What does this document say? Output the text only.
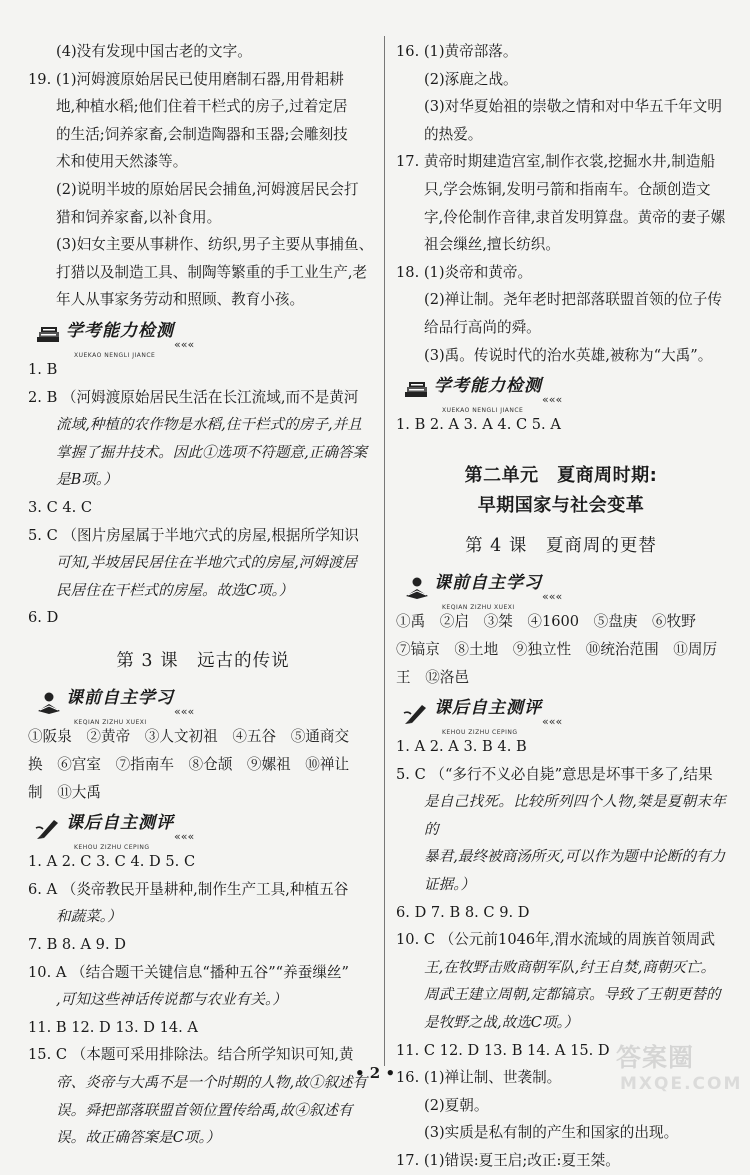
(4)没有发现中国古老的文字。
19. (1)河姆渡原始居民已使用磨制石器,用骨耜耕
地,种植水稻;他们住着干栏式的房子,过着定居
的生活;饲养家畜,会制造陶器和玉器;会雕刻技
术和使用天然漆等。
(2)说明半坡的原始居民会捕鱼,河姆渡居民会打
猎和饲养家畜,以补食用。
(3)妇女主要从事耕作、纺织,男子主要从事捕鱼、
打猎以及制造工具、制陶等繁重的手工业生产,老
年人从事家务劳动和照顾、教育小孩。
学考能力检测
XUEKAO NENGLI JIANCE
«««
1. B
2. B （河姆渡原始居民生活在长江流域,而不是黄河
流域,种植的农作物是水稻,住干栏式的房子,并且
掌握了掘井技术。因此①选项不符题意,正确答案
是B项。）
3. C 4. C
5. C （图片房屋属于半地穴式的房屋,根据所学知识
可知,半坡居民居住在半地穴式的房屋,河姆渡居
民居住在干栏式的房屋。故选C项。）
6. D
第 3 课　远古的传说
课前自主学习
KEQIAN ZIZHU XUEXI
«««
①阪泉　②黄帝　③人文初祖　④五谷　⑤通商交
换　⑥宫室　⑦指南车　⑧仓颉　⑨嫘祖　⑩禅让
制　⑪大禹
课后自主测评
KEHOU ZIZHU CEPING
«««
1. A 2. C 3. C 4. D 5. C
6. A （炎帝教民开垦耕种,制作生产工具,种植五谷
和蔬菜。）
7. B 8. A 9. D
10. A （结合题干关键信息“播种五谷”“养蚕缫丝”
,可知这些神话传说都与农业有关。）
11. B 12. D 13. D 14. A
15. C （本题可采用排除法。结合所学知识可知,黄
帝、炎帝与大禹不是一个时期的人物,故①叙述有
误。舜把部落联盟首领位置传给禹,故④叙述有
误。故正确答案是C项。）
16. (1)黄帝部落。
(2)涿鹿之战。
(3)对华夏始祖的崇敬之情和对中华五千年文明
的热爱。
17. 黄帝时期建造宫室,制作衣裳,挖掘水井,制造船
只,学会炼铜,发明弓箭和指南车。仓颉创造文
字,伶伦制作音律,隶首发明算盘。黄帝的妻子嫘
祖会缫丝,擅长纺织。
18. (1)炎帝和黄帝。
(2)禅让制。尧年老时把部落联盟首领的位子传
给品行高尚的舜。
(3)禹。传说时代的治水英雄,被称为“大禹”。
学考能力检测
XUEKAO NENGLI JIANCE
«««
1. B 2. A 3. A 4. C 5. A
第二单元　夏商周时期:
早期国家与社会变革
第 4 课　夏商周的更替
课前自主学习
KEQIAN ZIZHU XUEXI
«««
①禹　②启　③桀　④1600　⑤盘庚　⑥牧野
⑦镐京　⑧土地　⑨独立性　⑩统治范围　⑪周厉
王　⑫洛邑
课后自主测评
KEHOU ZIZHU CEPING
«««
1. A 2. A 3. B 4. B
5. C （“多行不义必自毙”意思是坏事干多了,结果
是自己找死。比较所列四个人物,桀是夏朝末年的
暴君,最终被商汤所灭,可以作为题中论断的有力
证据。）
6. D 7. B 8. C 9. D
10. C （公元前1046年,渭水流域的周族首领周武
王,在牧野击败商朝军队,纣王自焚,商朝灭亡。
周武王建立周朝,定都镐京。导致了王朝更替的
是牧野之战,故选C项。）
11. C 12. D 13. B 14. A 15. D
16. (1)禅让制、世袭制。
(2)夏朝。
(3)实质是私有制的产生和国家的出现。
17. (1)错误:夏王启;改正:夏王桀。
• 2 •
答案圈
MXQE.COM
